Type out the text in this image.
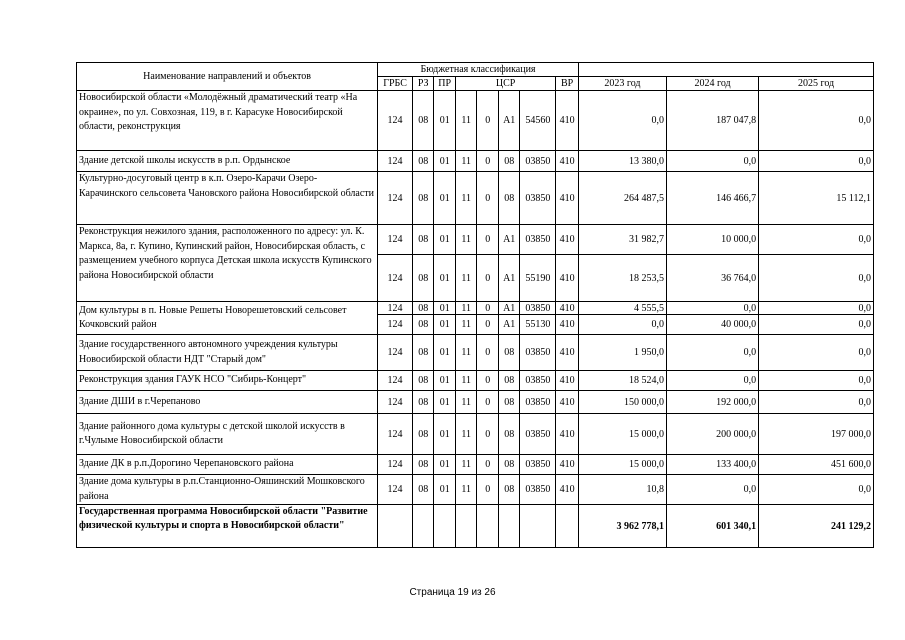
Наименование направлений и объектов	Бюджетная классификация										
	ГРБС	РЗ	ПР	ЦСР				ВР	2023 год	2024 год	2025 год
Новосибирской области «Молодёжный драматический театр «На окраине», по ул. Совхозная, 119, в г. Карасуке Новосибирской области, реконструкция	124	08	01	11	0	A1	54560	410	0,0	187 047,8	0,0
Здание детской школы искусств в р.п. Ордынское	124	08	01	11	0	08	03850	410	13 380,0	0,0	0,0
Культурно-досуговый центр в к.п. Озеро-Карачи Озеро-Карачинского сельсовета Чановского района Новосибирской области	124	08	01	11	0	08	03850	410	264 487,5	146 466,7	15 112,1
Реконструкция нежилого здания, расположенного по адресу: ул. К. Маркса, 8а, г. Купино, Купинский район, Новосибирская область, с размещением учебного корпуса Детская школа искусств Купинского района Новосибирской области	124	08	01	11	0	A1	03850	410	31 982,7	10 000,0	0,0
	124	08	01	11	0	A1	55190	410	18 253,5	36 764,0	0,0
Дом культуры в п. Новые Решеты Новорешетовский сельсовет Кочковский район	124	08	01	11	0	A1	03850	410	4 555,5	0,0	0,0
	124	08	01	11	0	A1	55130	410	0,0	40 000,0	0,0
Здание государственного автономного учреждения культуры Новосибирской области НДТ "Старый дом"	124	08	01	11	0	08	03850	410	1 950,0	0,0	0,0
Реконструкция здания ГАУК НСО "Сибирь-Концерт"	124	08	01	11	0	08	03850	410	18 524,0	0,0	0,0
Здание ДШИ в г.Черепаново	124	08	01	11	0	08	03850	410	150 000,0	192 000,0	0,0
Здание районного дома культуры с детской школой искусств в г.Чулыме Новосибирской области	124	08	01	11	0	08	03850	410	15 000,0	200 000,0	197 000,0
Здание ДК в р.п.Дорогино Черепановского района	124	08	01	11	0	08	03850	410	15 000,0	133 400,0	451 600,0
Здание дома культуры в р.п.Станционно-Ояшинский Мошковского района	124	08	01	11	0	08	03850	410	10,8	0,0	0,0
Государственная программа Новосибирской области "Развитие физической культуры и спорта в Новосибирской области"									3 962 778,1	601 340,1	241 129,2
Страница 19 из 26
